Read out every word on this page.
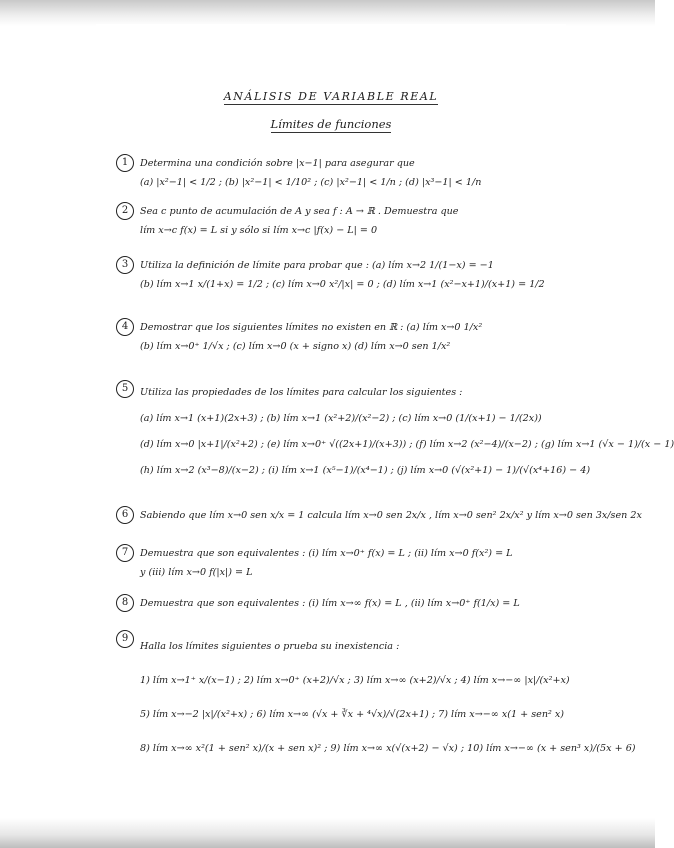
ANÁLISIS DE VARIABLE REAL
Límites de funciones
1	Determina una condición sobre |x−1| para asegurar que
(a) |x²−1| < 1/2 ; (b) |x²−1| < 1/10² ; (c) |x²−1| < 1/n ; (d) |x³−1| < 1/n
2	Sea c punto de acumulación de A y sea f : A → ℝ . Demuestra que
lím x→c f(x) = L si y sólo si lím x→c |f(x) − L| = 0
3	Utiliza la definición de límite para probar que : (a) lím x→2 1/(1−x) = −1
(b) lím x→1 x/(1+x) = 1/2 ; (c) lím x→0 x²/|x| = 0 ; (d) lím x→1 (x²−x+1)/(x+1) = 1/2
4	Demostrar que los siguientes límites no existen en ℝ : (a) lím x→0 1/x²
(b) lím x→0⁺ 1/√x ; (c) lím x→0 (x + signo x) (d) lím x→0 sen 1/x²
5	Utiliza las propiedades de los límites para calcular los siguientes :
(a) lím x→1 (x+1)(2x+3) ; (b) lím x→1 (x²+2)/(x²−2) ; (c) lím x→0 (1/(x+1) − 1/(2x))
(d) lím x→0 |x+1|/(x²+2) ; (e) lím x→0⁺ √((2x+1)/(x+3)) ; (f) lím x→2 (x²−4)/(x−2) ; (g) lím x→1 (√x − 1)/(x − 1)
(h) lím x→2 (x³−8)/(x−2) ; (i) lím x→1 (x⁵−1)/(x⁴−1) ; (j) lím x→0 (√(x²+1) − 1)/(√(x⁴+16) − 4)
6	Sabiendo que lím x→0 sen x/x = 1 calcula lím x→0 sen 2x/x , lím x→0 sen² 2x/x² y lím x→0 sen 3x/sen 2x
7	Demuestra que son equivalentes : (i) lím x→0⁺ f(x) = L ; (ii) lím x→0 f(x²) = L
y (iii) lím x→0 f(|x|) = L
8	Demuestra que son equivalentes : (i) lím x→∞ f(x) = L , (ii) lím x→0⁺ f(1/x) = L
9
Halla los límites siguientes o prueba su inexistencia :
1) lím x→1⁺ x/(x−1) ; 2) lím x→0⁺ (x+2)/√x ; 3) lím x→∞ (x+2)/√x ; 4) lím x→−∞ |x|/(x²+x)
5) lím x→−2 |x|/(x²+x) ; 6) lím x→∞ (√x + ∛x + ⁴√x)/√(2x+1) ; 7) lím x→−∞ x(1 + sen² x)
8) lím x→∞ x²(1 + sen² x)/(x + sen x)² ; 9) lím x→∞ x(√(x+2) − √x) ; 10) lím x→−∞ (x + sen³ x)/(5x + 6)
